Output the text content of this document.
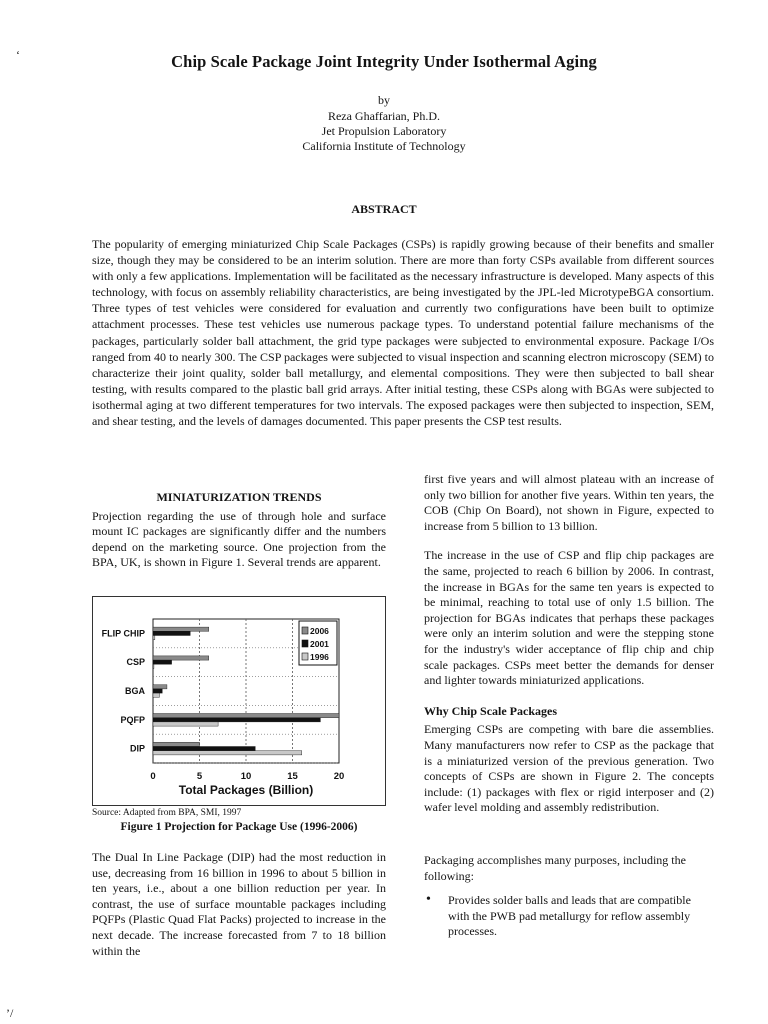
‘	Chip Scale Package Joint Integrity Under Isothermal Aging
by
Reza Ghaffarian, Ph.D.
Jet Propulsion Laboratory
California Institute of Technology
ABSTRACT
The popularity of emerging miniaturized Chip Scale Packages (CSPs) is rapidly growing because of their benefits and smaller size, though they may be considered to be an interim solution. There are more than forty CSPs available from different sources with only a few applications. Implementation will be facilitated as the necessary infrastructure is developed. Many aspects of this technology, with focus on assembly reliability characteristics, are being investigated by the JPL-led MicrotypeBGA consortium. Three types of test vehicles were considered for evaluation and currently two configurations have been built to optimize attachment processes. These test vehicles use numerous package types. To understand potential failure mechanisms of the packages, particularly solder ball attachment, the grid type packages were subjected to environmental exposure. Package I/Os ranged from 40 to nearly 300. The CSP packages were subjected to visual inspection and scanning electron microscopy (SEM) to characterize their joint quality, solder ball metallurgy, and elemental compositions. They were then subjected to ball shear testing, with results compared to the plastic ball grid arrays. After initial testing, these CSPs along with BGAs were subjected to isothermal aging at two different temperatures for two intervals. The exposed packages were then subjected to inspection, SEM, and shear testing, and the levels of damages documented. This paper presents the CSP test results.
MINIATURIZATION TRENDS

Projection regarding the use of through hole and surface mount IC packages are significantly differ and the numbers depend on the marketing source. One projection from the BPA, UK, is shown in Figure 1. Several trends are apparent.

0	5	10	15	20
FLIP CHIP
CSP
BGA
PQFP
DIP
2006
2001
1996
Total Packages (Billion)
Source: Adapted from BPA, SMI, 1997
Figure 1 Projection for Package Use (1996-2006)
The Dual In Line Package (DIP) had the most reduction in use, decreasing from 16 billion in 1996 to about 5 billion in ten years, i.e., about a one billion reduction per year. In contrast, the use of surface mountable packages including PQFPs (Plastic Quad Flat Packs) projected to increase in the next decade. The increase forecasted from 7 to 18 billion within the

first five years and will almost plateau with an increase of only two billion for another five years. Within ten years, the COB (Chip On Board), not shown in Figure, expected to increase from 5 billion to 13 billion.

The increase in the use of CSP and flip chip packages are the same, projected to reach 6 billion by 2006. In contrast, the increase in BGAs for the same ten years is expected to be minimal, reaching to total use of only 1.5 billion. The projection for BGAs indicates that perhaps these packages were only an interim solution and were the stepping stone for the industry's wider acceptance of flip chip and chip scale packages. CSPs meet better the demands for denser and lighter towards miniaturized applications.

Why Chip Scale Packages

Emerging CSPs are competing with bare die assemblies. Many manufacturers now refer to CSP as the package that is a miniaturized version of the previous generation. Two concepts of CSPs are shown in Figure 2. The concepts include: (1) packages with flex or rigid interposer and (2) wafer level molding and assembly redistribution.

Packaging accomplishes many purposes, including the following:
• Provides solder balls and leads that are compatible with the PWB pad metallurgy for reflow assembly processes.
’/
